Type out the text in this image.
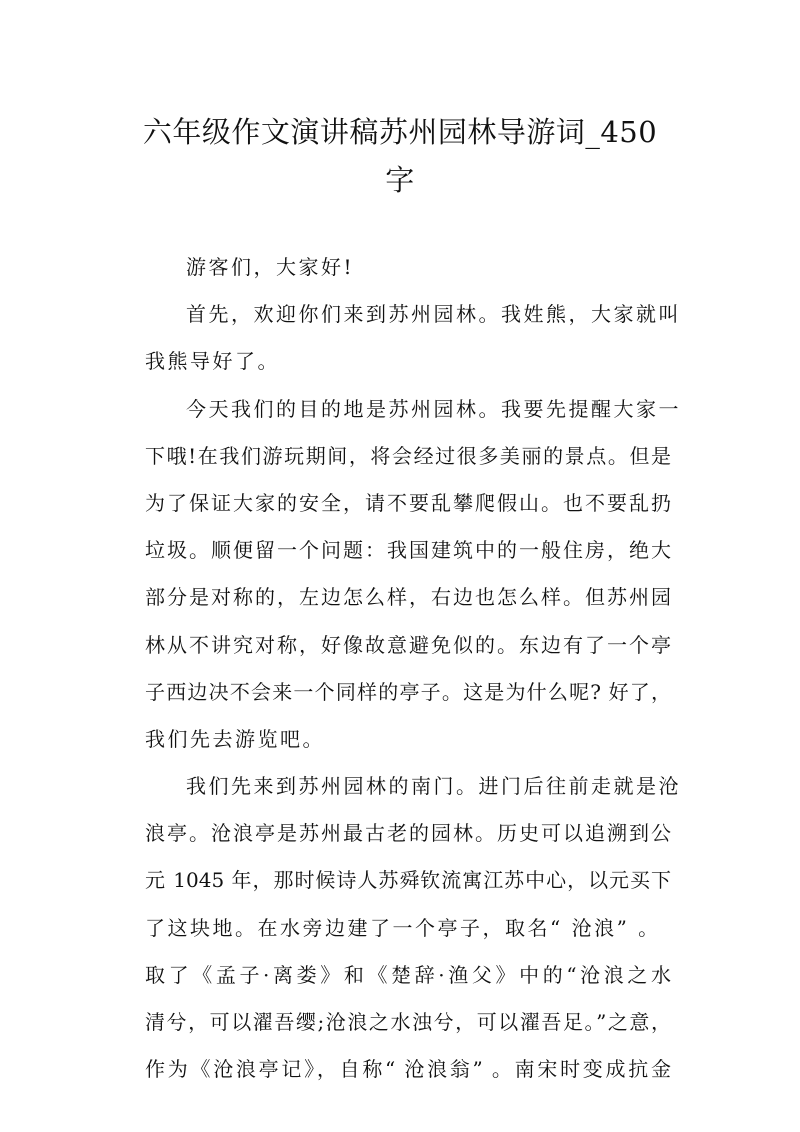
六年级作文演讲稿苏州园林导游词_450
字
游客们，大家好!
首先，欢迎你们来到苏州园林。我姓熊，大家就叫
我熊导好了。
今天我们的目的地是苏州园林。我要先提醒大家一
下哦!在我们游玩期间，将会经过很多美丽的景点。但是
为了保证大家的安全，请不要乱攀爬假山。也不要乱扔
垃圾。顺便留一个问题：我国建筑中的一般住房，绝大
部分是对称的，左边怎么样，右边也怎么样。但苏州园
林从不讲究对称，好像故意避免似的。东边有了一个亭
子西边决不会来一个同样的亭子。这是为什么呢? 好了，
我们先去游览吧。
我们先来到苏州园林的南门。进门后往前走就是沧
浪亭。沧浪亭是苏州最古老的园林。历史可以追溯到公
元 1045 年，那时候诗人苏舜钦流寓江苏中心，以元买下
了这块地。在水旁边建了一个亭子，取名“ 沧浪” 。
取了《孟子·离娄》和《楚辞·渔父》中的“沧浪之水
清兮，可以濯吾缨;沧浪之水浊兮，可以濯吾足。”之意，
作为《沧浪亭记》，自称“ 沧浪翁” 。南宋时变成抗金
